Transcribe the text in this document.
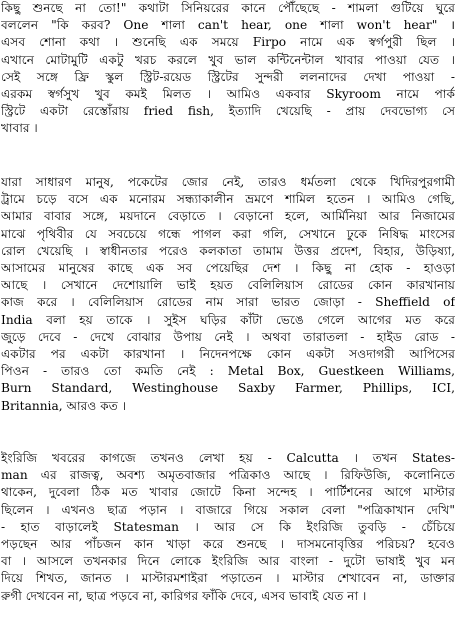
কিছু শুনছে না তো!" কথাটা সিনিয়রের কানে পৌঁছেছে - শামলা গুটিয়ে ঘুরে
বললেন "কি করব? One শালা can't hear, one শালা won't hear" ।
এসব শোনা কথা । শুনেছি এক সময়ে Firpo নামে এক স্বর্গপুরী ছিল ।
এখানে মোটামুটি একটু খরচ করলে খুব ভাল কন্টিনেন্টাল খাবার পাওয়া যেত ।
সেই সঙ্গে ফ্রি স্কুল স্ট্রিট-রয়েড স্ট্রিটের সুন্দরী ললনাদের দেখা পাওয়া -
এরকম স্বর্গসুখ খুব কমই মিলত । আমিও একবার Skyroom নামে পার্ক
স্ট্রিটে একটা রেস্তোঁরায় fried fish, ইত্যাদি খেয়েছি - প্রায় দেবভোগ্য সে
খাবার ।
যারা সাধারণ মানুষ, পকেটের জোর নেই, তারও ধর্মতলা থেকে খিদিরপুরগামী
ট্রামে চড়ে বসে এক মনোরম সন্ধ্যাকালীন ভ্রমণে শামিল হতেন । আমিও গেছি,
আমার বাবার সঙ্গে, ময়দানে বেড়াতে । বেড়ানো হলে, আর্মিনিয়া আর নিজামের
মাঝে পৃথিবীর যে সবচেয়ে গন্ধে পাগল করা গলি, সেখানে ঢুকে নিষিদ্ধ মাংসের
রোল খেয়েছি । স্বাধীনতার পরেও কলকাতা তামাম উত্তর প্রদেশ, বিহার, উড়িষ্যা,
আসামের মানুষের কাছে এক সব পেয়েছির দেশ । কিছু না হোক - হাওড়া
আছে । সেখানে দেশোয়ালি ভাই হয়ত বেলিলিয়াস রোডের কোন কারখানায়
কাজ করে । বেলিলিয়াস রোডের নাম সারা ভারত জোড়া - Sheffield of
India বলা হয় তাকে । সুইস ঘড়ির কাঁটা ভেঙে গেলে আগের মত করে
জুড়ে দেবে - দেখে বোঝার উপায় নেই । অথবা তারাতলা - হাইড রোড -
একটার পর একটা কারখানা । নিদেনপক্ষে কোন একটা সওদাগরী আপিসের
পিওন - তারও তো কমতি নেই : Metal Box, Guestkeen Williams,
Burn Standard, Westinghouse Saxby Farmer, Phillips, ICI,
Britannia, আরও কত ।
ইংরিজি খবরের কাগজে তখনও লেখা হয় - Calcutta । তখন States-
man এর রাজত্ব, অবশ্য অমৃতবাজার পত্রিকাও আছে । রিফিউজি, কলোনিতে
থাকেন, দুবেলা ঠিক মত খাবার জোটে কিনা সন্দেহ । পার্টিশনের আগে মাস্টার
ছিলেন । এখনও ছাত্র পড়ান । বাজারে গিয়ে সকাল বেলা "পত্রিকাখান দেখি"
- হাত বাড়ালেই Statesman । আর সে কি ইংরিজি তুবড়ি - চেঁচিয়ে
পড়ছেন আর পাঁচজন কান খাড়া করে শুনছে । দাসমনোবৃত্তির পরিচয়? হবেও
বা । আসলে তখনকার দিনে লোকে ইংরিজি আর বাংলা - দুটো ভাষাই খুব মন
দিয়ে শিখত, জানত । মাস্টারমশাইরা পড়াতেন । মাস্টার শেখাবেন না, ডাক্তার
রুগী দেখবেন না, ছাত্র পড়বে না, কারিগর ফাঁকি দেবে, এসব ভাবাই যেত না ।
